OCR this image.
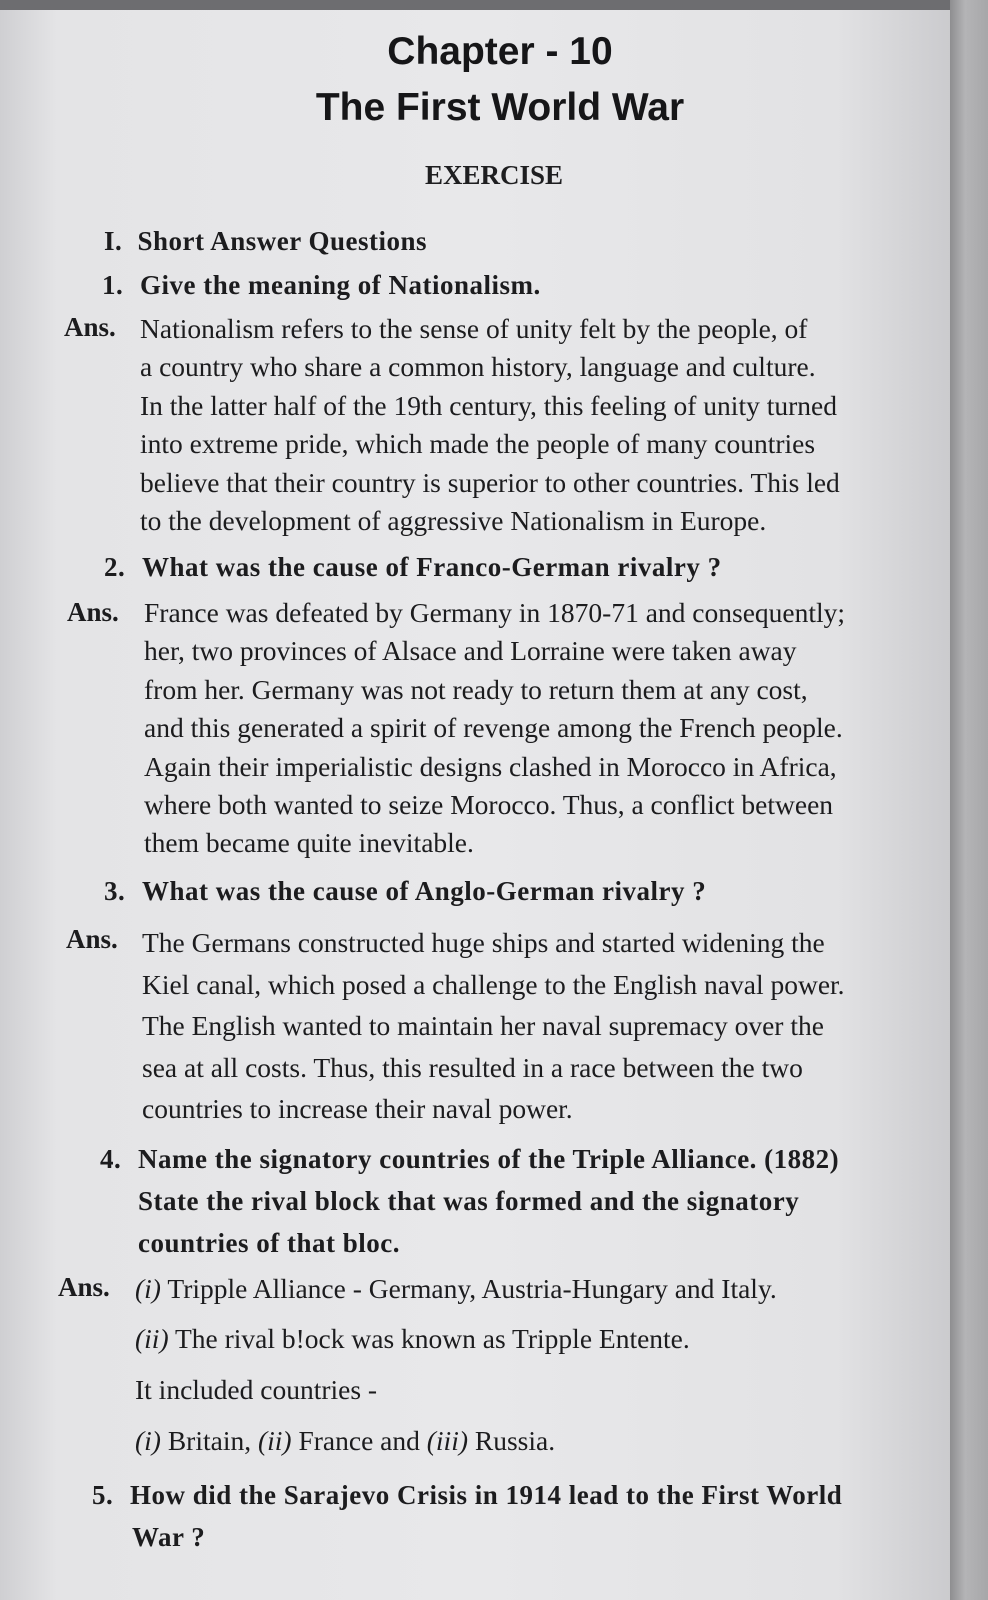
Chapter - 10
The First World War
EXERCISE
I. Short Answer Questions
1. Give the meaning of Nationalism.
Ans. Nationalism refers to the sense of unity felt by the people, of
a country who share a common history, language and culture.
In the latter half of the 19th century, this feeling of unity turned
into extreme pride, which made the people of many countries
believe that their country is superior to other countries. This led
to the development of aggressive Nationalism in Europe.
2. What was the cause of Franco-German rivalry ?
Ans. France was defeated by Germany in 1870-71 and consequently;
her, two provinces of Alsace and Lorraine were taken away
from her. Germany was not ready to return them at any cost,
and this generated a spirit of revenge among the French people.
Again their imperialistic designs clashed in Morocco in Africa,
where both wanted to seize Morocco. Thus, a conflict between
them became quite inevitable.
3. What was the cause of Anglo-German rivalry ?
Ans. The Germans constructed huge ships and started widening the
Kiel canal, which posed a challenge to the English naval power.
The English wanted to maintain her naval supremacy over the
sea at all costs. Thus, this resulted in a race between the two
countries to increase their naval power.
4. Name the signatory countries of the Triple Alliance. (1882)
State the rival block that was formed and the signatory
countries of that bloc.
Ans. (i) Tripple Alliance - Germany, Austria-Hungary and Italy.
(ii) The rival b!ock was known as Tripple Entente.
It included countries -
(i) Britain, (ii) France and (iii) Russia.
5. How did the Sarajevo Crisis in 1914 lead to the First World
War ?
